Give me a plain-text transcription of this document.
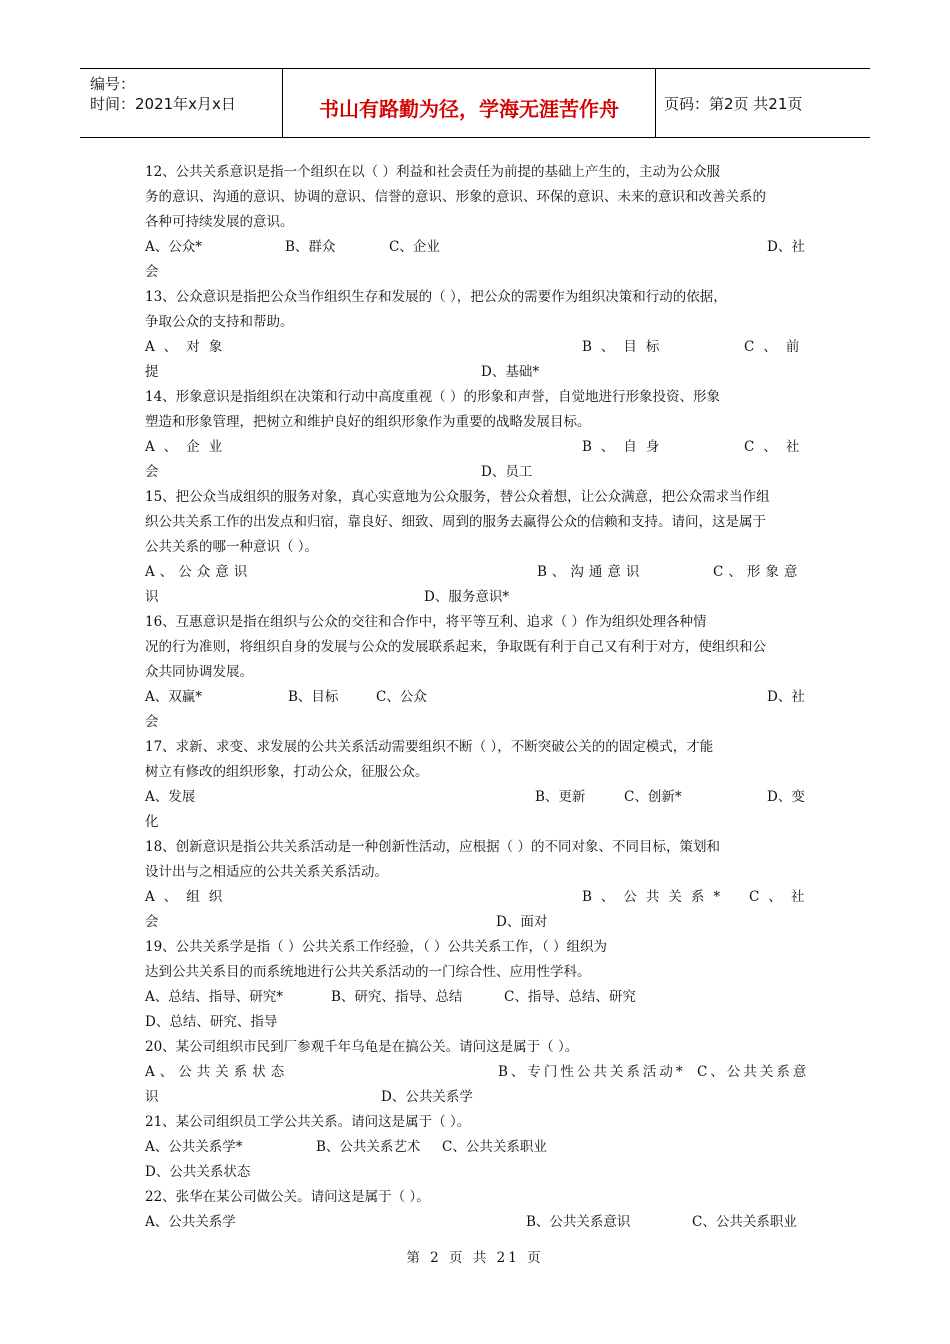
编号：
时间：2021年x月x日	书山有路勤为径，学海无涯苦作舟	页码：第2页 共21页
12、公共关系意识是指一个组织在以（ ）利益和社会责任为前提的基础上产生的，主动为公众服
务的意识、沟通的意识、协调的意识、信誉的意识、形象的意识、环保的意识、未来的意识和改善关系的
各种可持续发展的意识。
A、公众*	B、群众	C、企业	D、社
会
13、公众意识是指把公众当作组织生存和发展的（ ），把公众的需要作为组织决策和行动的依据，
争取公众的支持和帮助。
A、对象	B、目标	C、前
提	D、基础*
14、形象意识是指组织在决策和行动中高度重视（ ）的形象和声誉，自觉地进行形象投资、形象
塑造和形象管理，把树立和维护良好的组织形象作为重要的战略发展目标。
A、企业	B、自身	C、社
会	D、员工
15、把公众当成组织的服务对象，真心实意地为公众服务，替公众着想，让公众满意，把公众需求当作组
织公共关系工作的出发点和归宿，靠良好、细致、周到的服务去赢得公众的信赖和支持。请问，这是属于
公共关系的哪一种意识（ ）。
A、公众意识	B、沟通意识	C、形象意
识	D、服务意识*
16、互惠意识是指在组织与公众的交往和合作中，将平等互利、追求（ ）作为组织处理各种情
况的行为准则，将组织自身的发展与公众的发展联系起来，争取既有利于自己又有利于对方，使组织和公
众共同协调发展。
A、双赢*	B、目标	C、公众	D、社
会
17、求新、求变、求发展的公共关系活动需要组织不断（ ），不断突破公关的的固定模式，才能
树立有修改的组织形象，打动公众，征服公众。
A、发展	B、更新	C、创新*	D、变
化
18、创新意识是指公共关系活动是一种创新性活动，应根据（ ）的不同对象、不同目标，策划和
设计出与之相适应的公共关系关系活动。
A、组织	B、公共关系* C、社
会	D、面对
19、公共关系学是指（ ）公共关系工作经验，（ ）公共关系工作，（ ）组织为
达到公共关系目的而系统地进行公共关系活动的一门综合性、应用性学科。
A、总结、指导、研究*	B、研究、指导、总结	C、指导、总结、研究
D、总结、研究、指导
20、某公司组织市民到厂参观千年乌龟是在搞公关。请问这是属于（ ）。
A、公共关系状态	B、专门性公共关系活动* C、公共关系意
识	D、公共关系学
21、某公司组织员工学公共关系。请问这是属于（ ）。
A、公共关系学*	B、公共关系艺术 C、公共关系职业
D、公共关系状态
22、张华在某公司做公关。请问这是属于（ ）。
A、公共关系学	B、公共关系意识	C、公共关系职业
第 2 页 共 21 页
